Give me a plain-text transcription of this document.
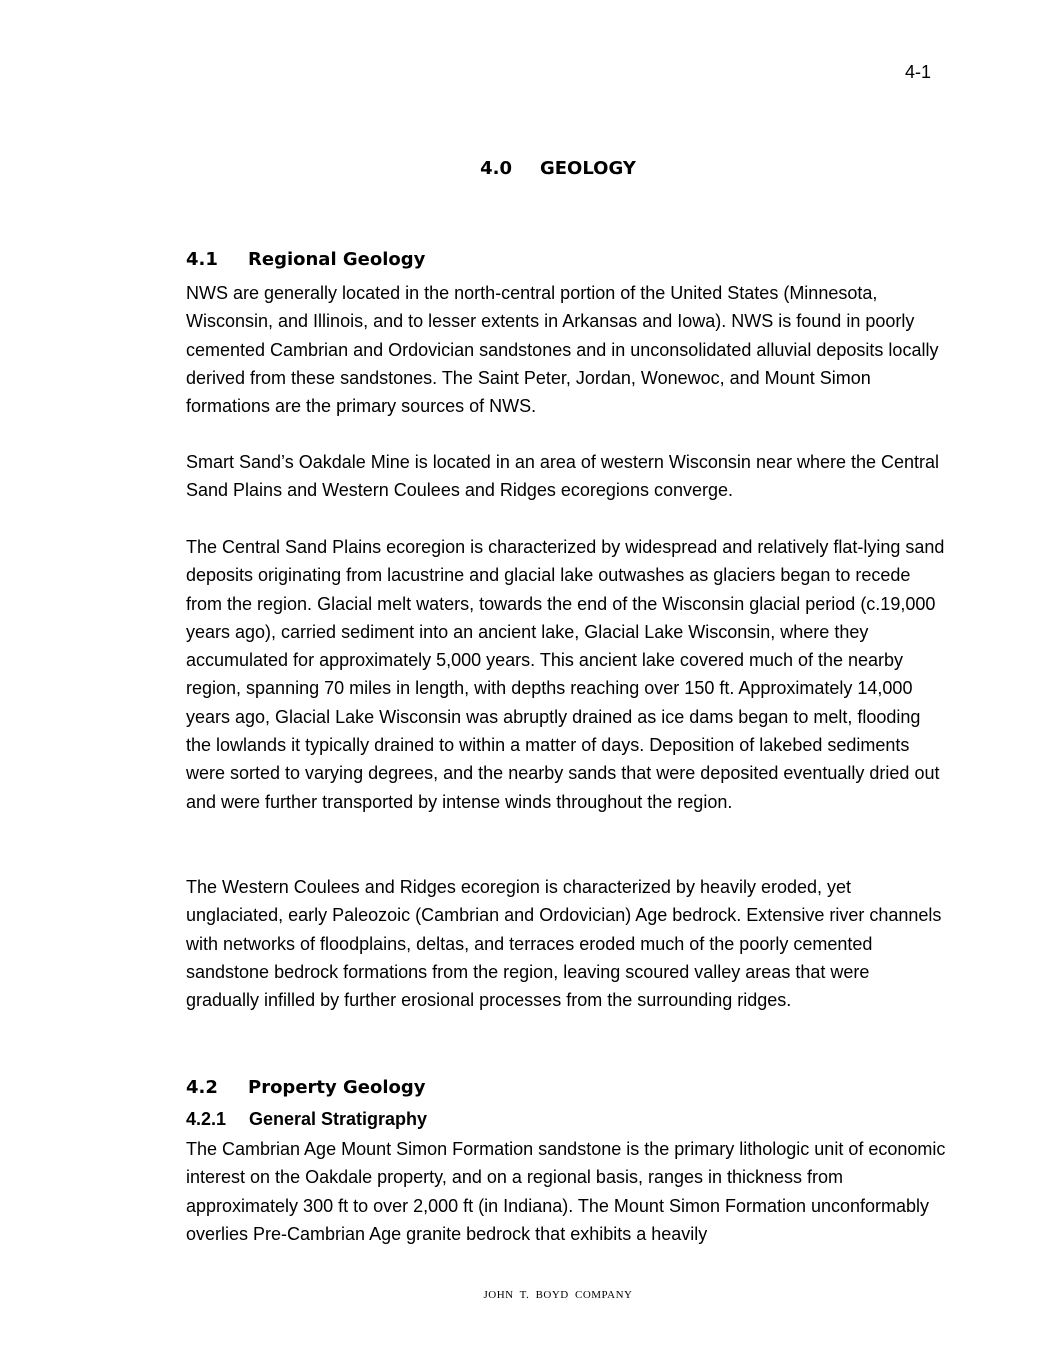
4-1
4.0 GEOLOGY
4.1 Regional Geology
NWS are generally located in the north-central portion of the United States (Minnesota, Wisconsin, and Illinois, and to lesser extents in Arkansas and Iowa). NWS is found in poorly cemented Cambrian and Ordovician sandstones and in unconsolidated alluvial deposits locally derived from these sandstones. The Saint Peter, Jordan, Wonewoc, and Mount Simon formations are the primary sources of NWS.
Smart Sand’s Oakdale Mine is located in an area of western Wisconsin near where the Central Sand Plains and Western Coulees and Ridges ecoregions converge.
The Central Sand Plains ecoregion is characterized by widespread and relatively flat-lying sand deposits originating from lacustrine and glacial lake outwashes as glaciers began to recede from the region. Glacial melt waters, towards the end of the Wisconsin glacial period (c.19,000 years ago), carried sediment into an ancient lake, Glacial Lake Wisconsin, where they accumulated for approximately 5,000 years. This ancient lake covered much of the nearby region, spanning 70 miles in length, with depths reaching over 150 ft. Approximately 14,000 years ago, Glacial Lake Wisconsin was abruptly drained as ice dams began to melt, flooding the lowlands it typically drained to within a matter of days. Deposition of lakebed sediments were sorted to varying degrees, and the nearby sands that were deposited eventually dried out and were further transported by intense winds throughout the region.
The Western Coulees and Ridges ecoregion is characterized by heavily eroded, yet unglaciated, early Paleozoic (Cambrian and Ordovician) Age bedrock. Extensive river channels with networks of floodplains, deltas, and terraces eroded much of the poorly cemented sandstone bedrock formations from the region, leaving scoured valley areas that were gradually infilled by further erosional processes from the surrounding ridges.
4.2 Property Geology
4.2.1 General Stratigraphy
The Cambrian Age Mount Simon Formation sandstone is the primary lithologic unit of economic interest on the Oakdale property, and on a regional basis, ranges in thickness from approximately 300 ft to over 2,000 ft (in Indiana). The Mount Simon Formation unconformably overlies Pre-Cambrian Age granite bedrock that exhibits a heavily
JOHN T. BOYD COMPANY
